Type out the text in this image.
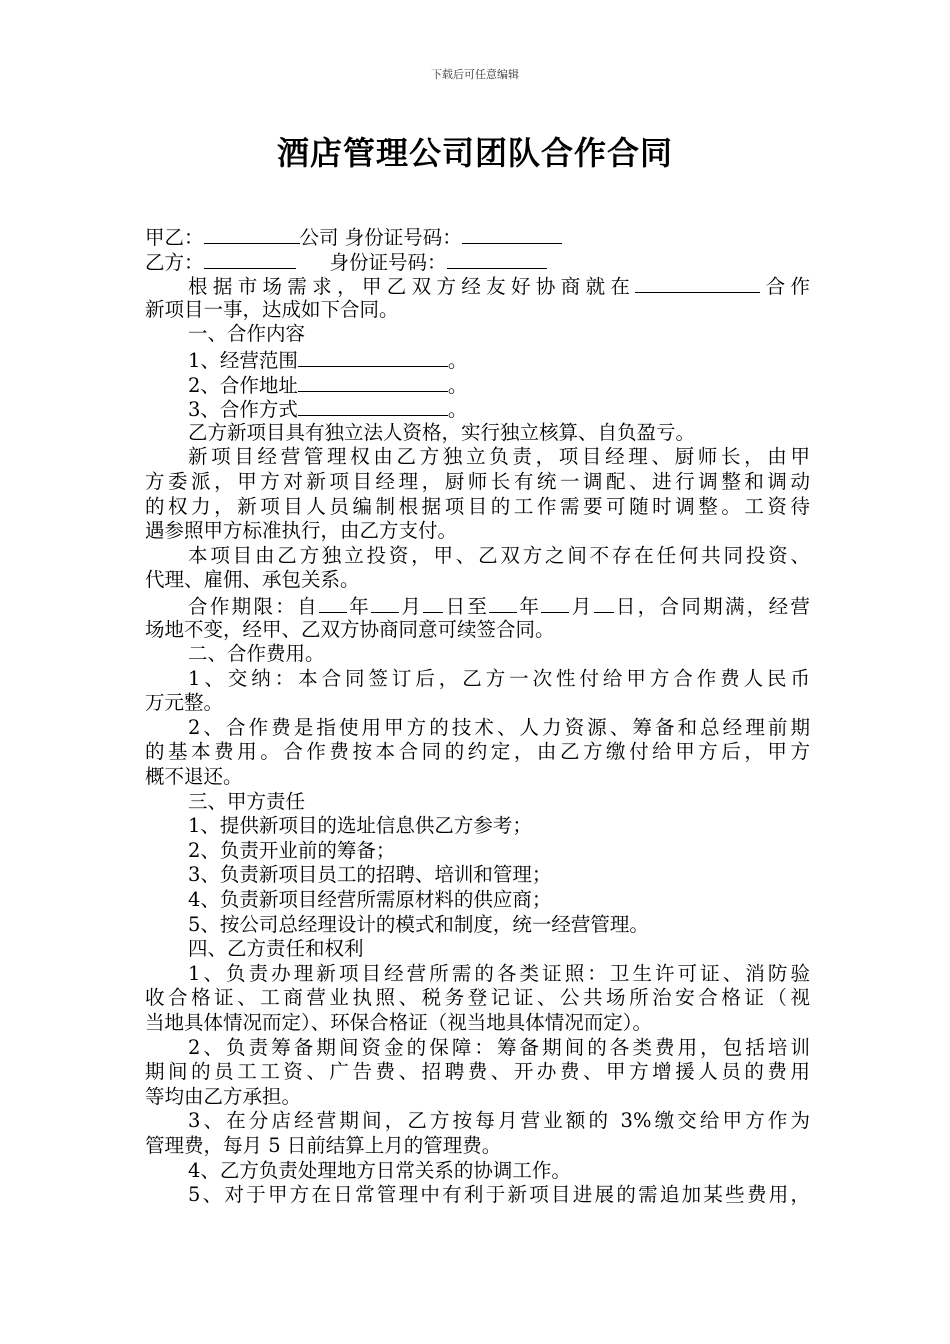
下载后可任意编辑
酒店管理公司团队合作合同
甲乙：	公司 身份证号码：
乙方：	身份证号码：
根据市场需求，甲乙双方经友好协商就在	合作
新项目一事，达成如下合同。
一、合作内容
1、经营范围	。
2、合作地址	。
3、合作方式	。
乙方新项目具有独立法人资格，实行独立核算、自负盈亏。
新项目经营管理权由乙方独立负责，项目经理、厨师长，由甲
方委派，甲方对新项目经理，厨师长有统一调配、进行调整和调动
的权力，新项目人员编制根据项目的工作需要可随时调整。工资待
遇参照甲方标准执行，由乙方支付。
本项目由乙方独立投资，甲、乙双方之间不存在任何共同投资、
代理、雇佣、承包关系。
合作期限：自 年 月 日至 年 月 日，合同期满，经营
场地不变，经甲、乙双方协商同意可续签合同。
二、合作费用。
1、交纳：本合同签订后，乙方一次性付给甲方合作费人民币
万元整。
2、合作费是指使用甲方的技术、人力资源、筹备和总经理前期
的基本费用。合作费按本合同的约定，由乙方缴付给甲方后，甲方
概不退还。
三、甲方责任
1、提供新项目的选址信息供乙方参考；
2、负责开业前的筹备；
3、负责新项目员工的招聘、培训和管理；
4、负责新项目经营所需原材料的供应商；
5、按公司总经理设计的模式和制度，统一经营管理。
四、乙方责任和权利
1、负责办理新项目经营所需的各类证照：卫生许可证、消防验
收合格证、工商营业执照、税务登记证、公共场所治安合格证（视
当地具体情况而定）、环保合格证（视当地具体情况而定）。
2、负责筹备期间资金的保障：筹备期间的各类费用，包括培训
期间的员工工资、广告费、招聘费、开办费、甲方增援人员的费用
等均由乙方承担。
3、在分店经营期间，乙方按每月营业额的 3%缴交给甲方作为
管理费，每月 5 日前结算上月的管理费。
4、乙方负责处理地方日常关系的协调工作。
5、对于甲方在日常管理中有利于新项目进展的需追加某些费用，
